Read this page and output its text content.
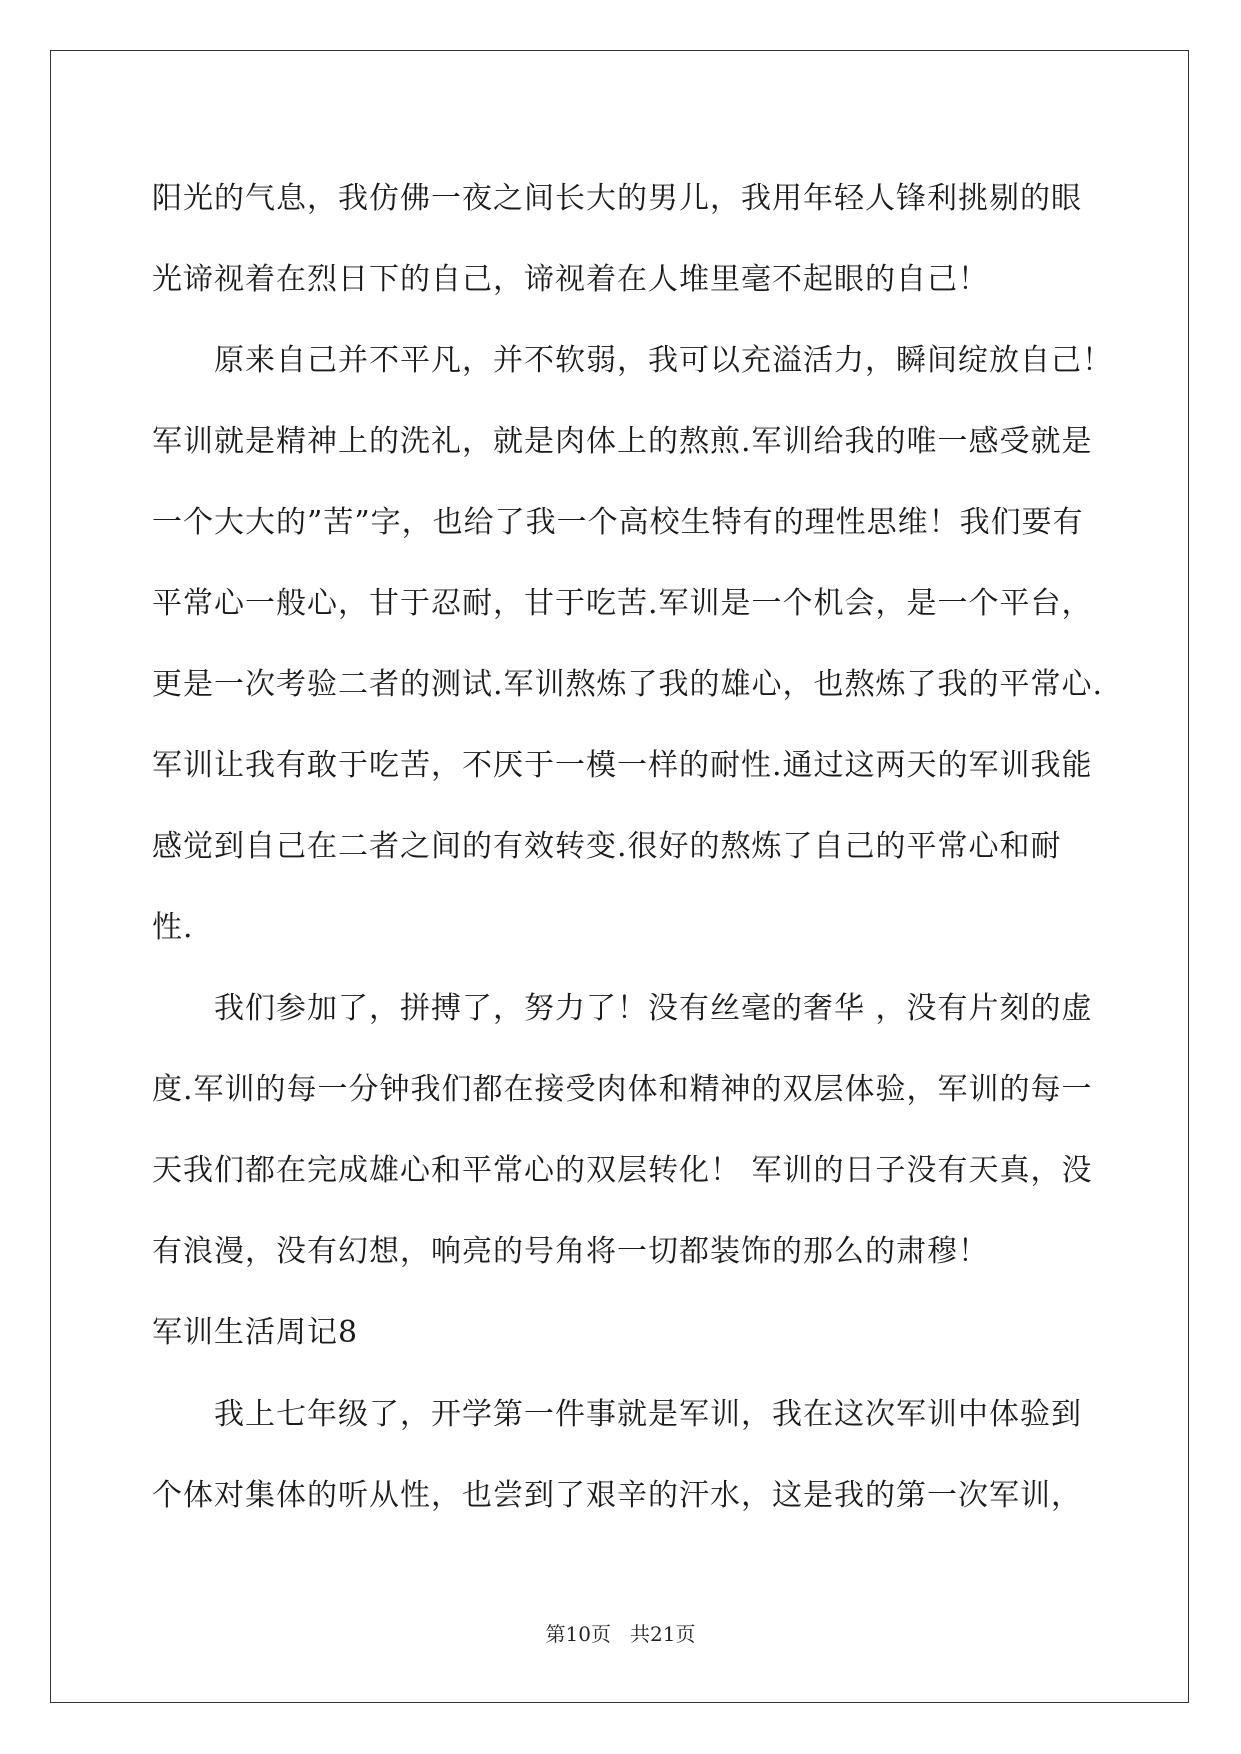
阳光的气息，我仿佛一夜之间长大的男儿，我用年轻人锋利挑剔的眼
光谛视着在烈日下的自己，谛视着在人堆里毫不起眼的自己！
原来自己并不平凡，并不软弱，我可以充溢活力，瞬间绽放自己！
军训就是精神上的洗礼，就是肉体上的熬煎.军训给我的唯一感受就是
一个大大的”苦”字，也给了我一个高校生特有的理性思维！我们要有
平常心一般心，甘于忍耐，甘于吃苦.军训是一个机会，是一个平台，
更是一次考验二者的测试.军训熬炼了我的雄心，也熬炼了我的平常心.
军训让我有敢于吃苦，不厌于一模一样的耐性.通过这两天的军训我能
感觉到自己在二者之间的有效转变.很好的熬炼了自己的平常心和耐
性.
我们参加了，拼搏了，努力了！没有丝毫的奢华 ，没有片刻的虚
度.军训的每一分钟我们都在接受肉体和精神的双层体验，军训的每一
天我们都在完成雄心和平常心的双层转化！ 军训的日子没有天真，没
有浪漫，没有幻想，响亮的号角将一切都装饰的那么的肃穆！
军训生活周记8
我上七年级了，开学第一件事就是军训，我在这次军训中体验到
个体对集体的听从性，也尝到了艰辛的汗水，这是我的第一次军训，
第10页   共21页
